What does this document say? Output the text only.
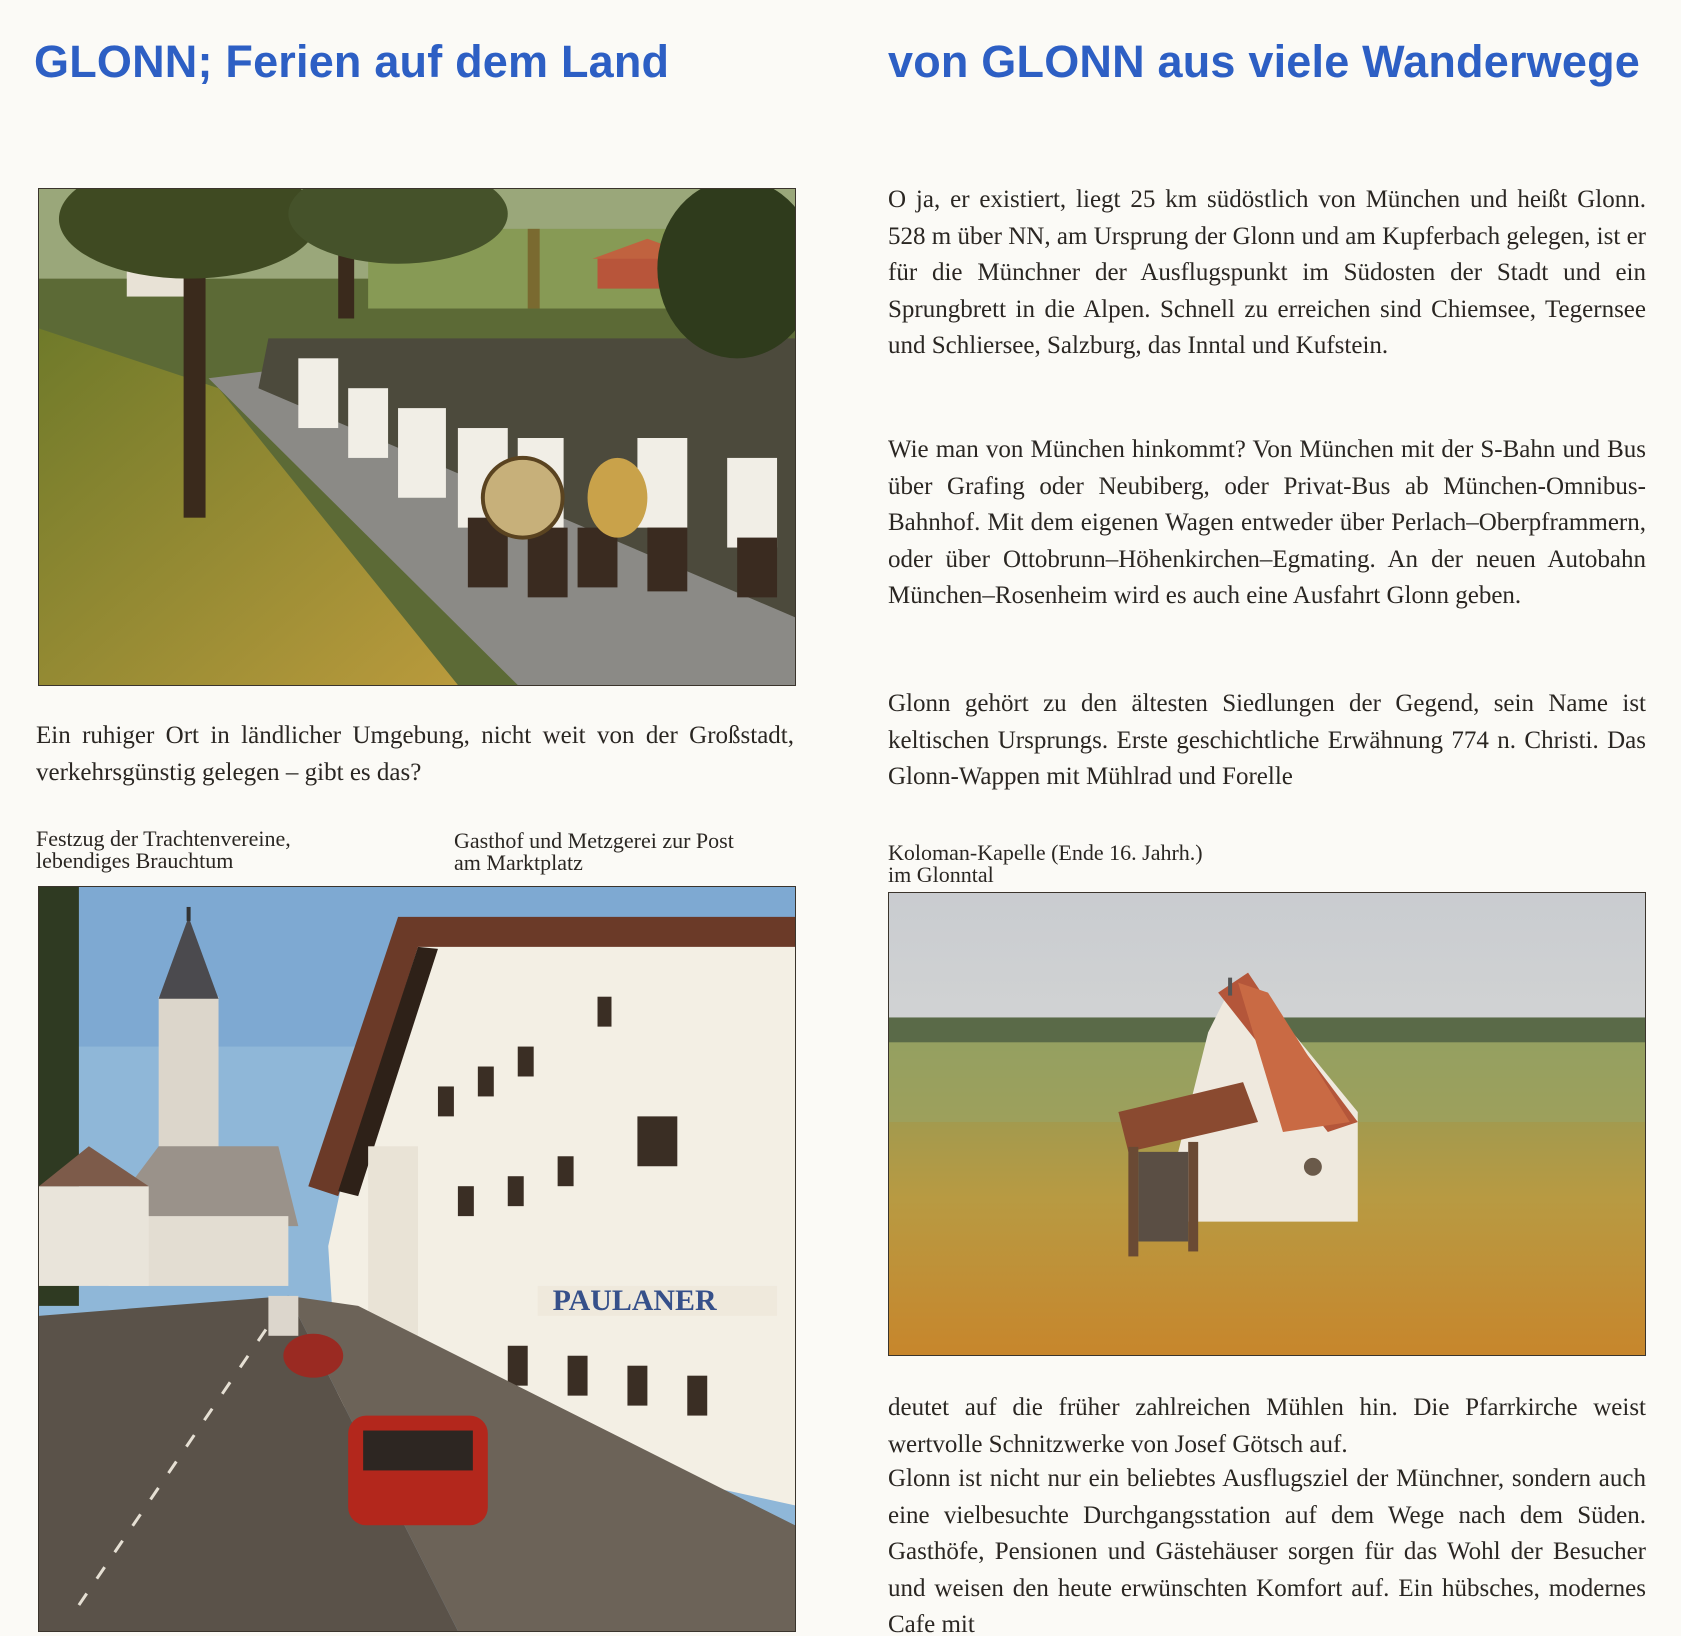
GLONN; Ferien auf dem Land	von GLONN aus viele Wanderwege

Ein ruhiger Ort in ländlicher Umgebung, nicht weit von der Großstadt, verkehrsgünstig gelegen – gibt es das?

Festzug der Trachtenvereine,
lebendiges Brauchtum
Gasthof und Metzgerei zur Post
am Marktplatz
PAULANER

O ja, er existiert, liegt 25 km südöstlich von München und heißt Glonn. 528 m über NN, am Ursprung der Glonn und am Kupferbach gelegen, ist er für die Münchner der Ausflugspunkt im Südosten der Stadt und ein Sprungbrett in die Alpen. Schnell zu erreichen sind Chiemsee, Tegernsee und Schliersee, Salzburg, das Inntal und Kufstein.

Wie man von München hinkommt? Von München mit der S-Bahn und Bus über Grafing oder Neubiberg, oder Privat-Bus ab München-Omnibus-Bahnhof. Mit dem eigenen Wagen entweder über Perlach–Oberpframmern, oder über Ottobrunn–Höhenkirchen–Egmating. An der neuen Autobahn München–Rosenheim wird es auch eine Ausfahrt Glonn geben.

Glonn gehört zu den ältesten Siedlungen der Gegend, sein Name ist keltischen Ursprungs. Erste geschichtliche Erwähnung 774 n. Christi. Das Glonn-Wappen mit Mühlrad und Forelle

Koloman-Kapelle (Ende 16. Jahrh.)
im Glonntal

deutet auf die früher zahlreichen Mühlen hin. Die Pfarrkirche weist wertvolle Schnitzwerke von Josef Götsch auf.

Glonn ist nicht nur ein beliebtes Ausflugsziel der Münchner, sondern auch eine vielbesuchte Durchgangsstation auf dem Wege nach dem Süden. Gasthöfe, Pensionen und Gästehäuser sorgen für das Wohl der Besucher und weisen den heute erwünschten Komfort auf. Ein hübsches, modernes Cafe mit
